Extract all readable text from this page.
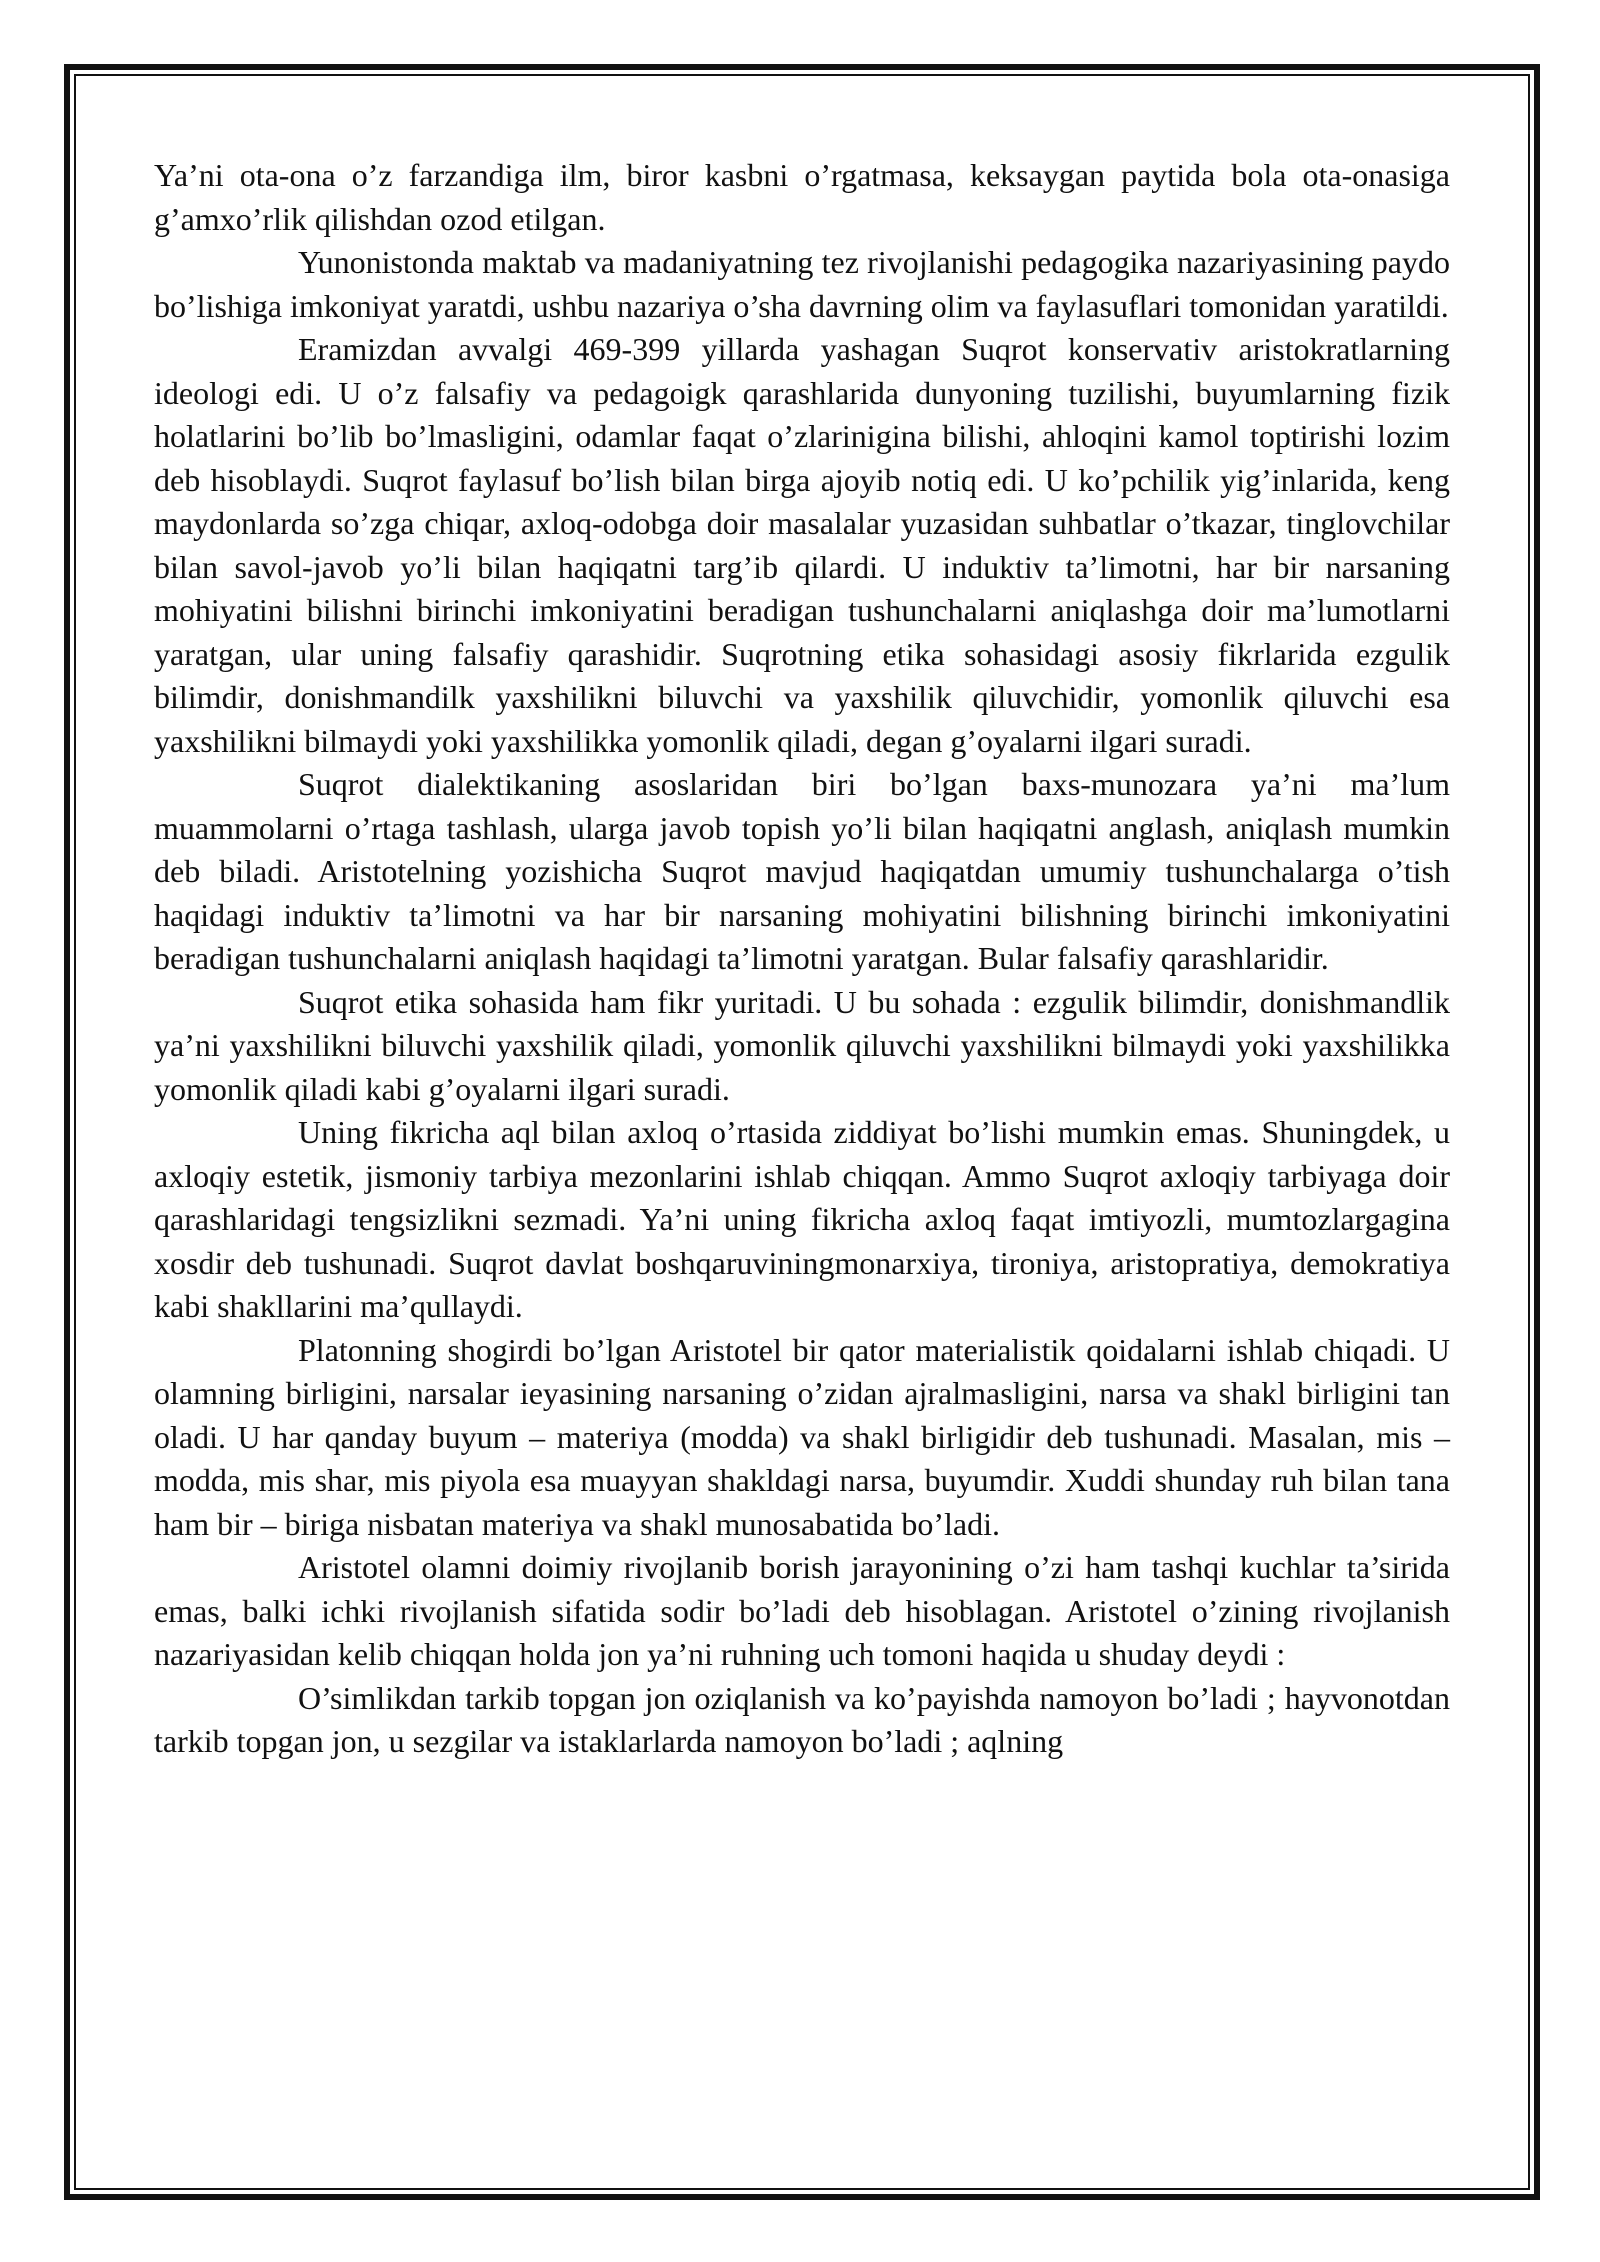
Ya’ni ota-ona o’z farzandiga ilm, biror kasbni o’rgatmasa, keksaygan paytida bola ota-onasiga g’amxo’rlik qilishdan ozod etilgan.

Yunonistonda maktab va madaniyatning tez rivojlanishi pedagogika nazariyasining paydo bo’lishiga imkoniyat yaratdi, ushbu nazariya o’sha davrning olim va faylasuflari tomonidan yaratildi.

Eramizdan avvalgi 469-399 yillarda yashagan Suqrot konservativ aristokratlarning ideologi edi. U o’z falsafiy va pedagoigk qarashlarida dunyoning tuzilishi, buyumlarning fizik holatlarini bo’lib bo’lmasligini, odamlar faqat o’zlarinigina bilishi, ahloqini kamol toptirishi lozim deb hisoblaydi. Suqrot faylasuf bo’lish bilan birga ajoyib notiq edi. U ko’pchilik yig’inlarida, keng maydonlarda so’zga chiqar, axloq-odobga doir masalalar yuzasidan suhbatlar o’tkazar, tinglovchilar bilan savol-javob yo’li bilan haqiqatni targ’ib qilardi. U induktiv ta’limotni, har bir narsaning mohiyatini bilishni birinchi imkoniyatini beradigan tushunchalarni aniqlashga doir ma’lumotlarni yaratgan, ular uning falsafiy qarashidir. Suqrotning etika sohasidagi asosiy fikrlarida ezgulik bilimdir, donishmandilk yaxshilikni biluvchi va yaxshilik qiluvchidir, yomonlik qiluvchi esa yaxshilikni bilmaydi yoki yaxshilikka yomonlik qiladi, degan g’oyalarni ilgari suradi.

Suqrot dialektikaning asoslaridan biri bo’lgan baxs-munozara ya’ni ma’lum muammolarni o’rtaga tashlash, ularga javob topish yo’li bilan haqiqatni anglash, aniqlash mumkin deb biladi. Aristotelning yozishicha Suqrot mavjud haqiqatdan umumiy tushunchalarga o’tish haqidagi induktiv ta’limotni va har bir narsaning mohiyatini bilishning birinchi imkoniyatini beradigan tushunchalarni aniqlash haqidagi ta’limotni yaratgan. Bular falsafiy qarashlaridir.

Suqrot etika sohasida ham fikr yuritadi. U bu sohada : ezgulik bilimdir, donishmandlik ya’ni yaxshilikni biluvchi yaxshilik qiladi, yomonlik qiluvchi yaxshilikni bilmaydi yoki yaxshilikka yomonlik qiladi kabi g’oyalarni ilgari suradi.

Uning fikricha aql bilan axloq o’rtasida ziddiyat bo’lishi mumkin emas. Shuningdek, u axloqiy estetik, jismoniy tarbiya mezonlarini ishlab chiqqan. Ammo Suqrot axloqiy tarbiyaga doir qarashlaridagi tengsizlikni sezmadi. Ya’ni uning fikricha axloq faqat imtiyozli, mumtozlargagina xosdir deb tushunadi. Suqrot davlat boshqaruviningmonarxiya, tironiya, aristopratiya, demokratiya kabi shakllarini ma’qullaydi.

Platonning shogirdi bo’lgan Aristotel bir qator materialistik qoidalarni ishlab chiqadi. U olamning birligini, narsalar ieyasining narsaning o’zidan ajralmasligini, narsa va shakl birligini tan oladi. U har qanday buyum – materiya (modda) va shakl birligidir deb tushunadi. Masalan, mis – modda, mis shar, mis piyola esa muayyan shakldagi narsa, buyumdir. Xuddi shunday ruh bilan tana ham bir – biriga nisbatan materiya va shakl munosabatida bo’ladi.

Aristotel olamni doimiy rivojlanib borish jarayonining o’zi ham tashqi kuchlar ta’sirida emas, balki ichki rivojlanish sifatida sodir bo’ladi deb hisoblagan. Aristotel o’zining rivojlanish nazariyasidan kelib chiqqan holda jon ya’ni ruhning uch tomoni haqida u shuday deydi :

O’simlikdan tarkib topgan jon oziqlanish va ko’payishda namoyon bo’ladi ; hayvonotdan tarkib topgan jon, u sezgilar va istaklarlarda namoyon bo’ladi ; aqlning
